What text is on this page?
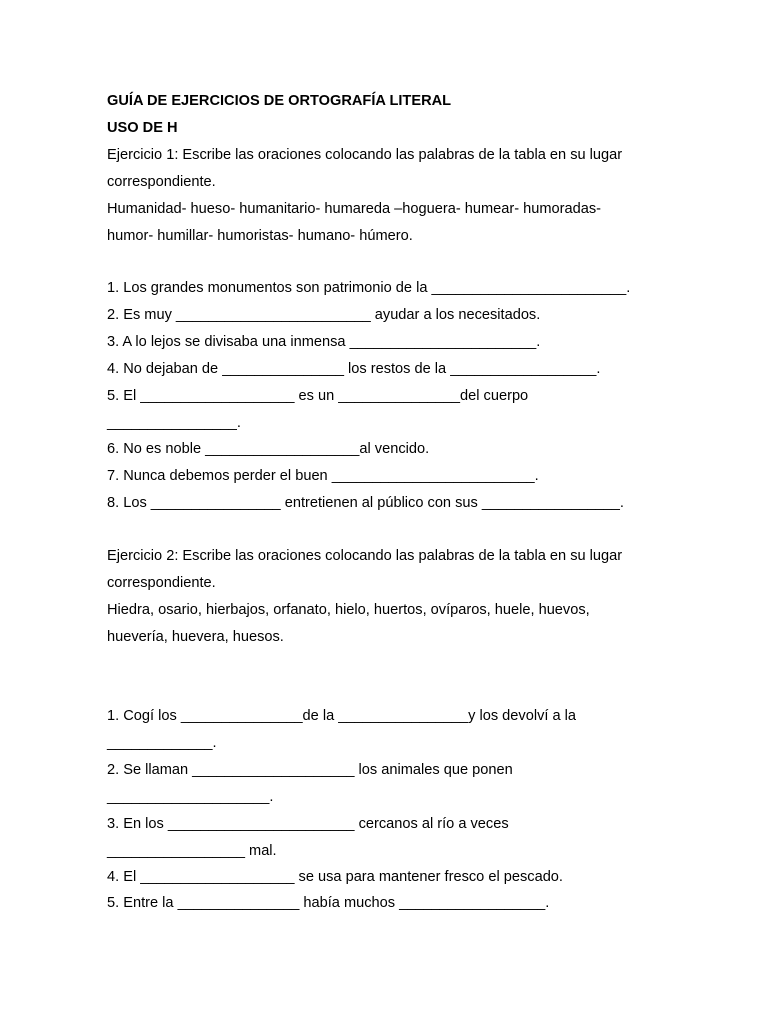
GUÍA DE EJERCICIOS DE ORTOGRAFÍA LITERAL

USO DE H

Ejercicio 1: Escribe las oraciones colocando las palabras de la tabla en su lugar

correspondiente.

Humanidad- hueso- humanitario- humareda –hoguera- humear- humoradas-

humor- humillar- humoristas- humano- húmero.

1. Los grandes monumentos son patrimonio de la ________________________.

2. Es muy ________________________ ayudar a los necesitados.

3. A lo lejos se divisaba una inmensa _______________________.

4. No dejaban de _______________ los restos de la __________________.

5. El ___________________ es un _______________del cuerpo

________________.

6. No es noble ___________________al vencido.

7. Nunca debemos perder el buen _________________________.

8. Los ________________ entretienen al público con sus _________________.

Ejercicio 2: Escribe las oraciones colocando las palabras de la tabla en su lugar

correspondiente.

Hiedra, osario, hierbajos, orfanato, hielo, huertos, ovíparos, huele, huevos,

huevería, huevera, huesos.

1. Cogí los _______________de la ________________y los devolví a la

_____________.

2. Se llaman ____________________ los animales que ponen

____________________.

3. En los _______________________ cercanos al río a veces

_________________ mal.

4. El ___________________ se usa para mantener fresco el pescado.

5. Entre la _______________ había muchos __________________.
